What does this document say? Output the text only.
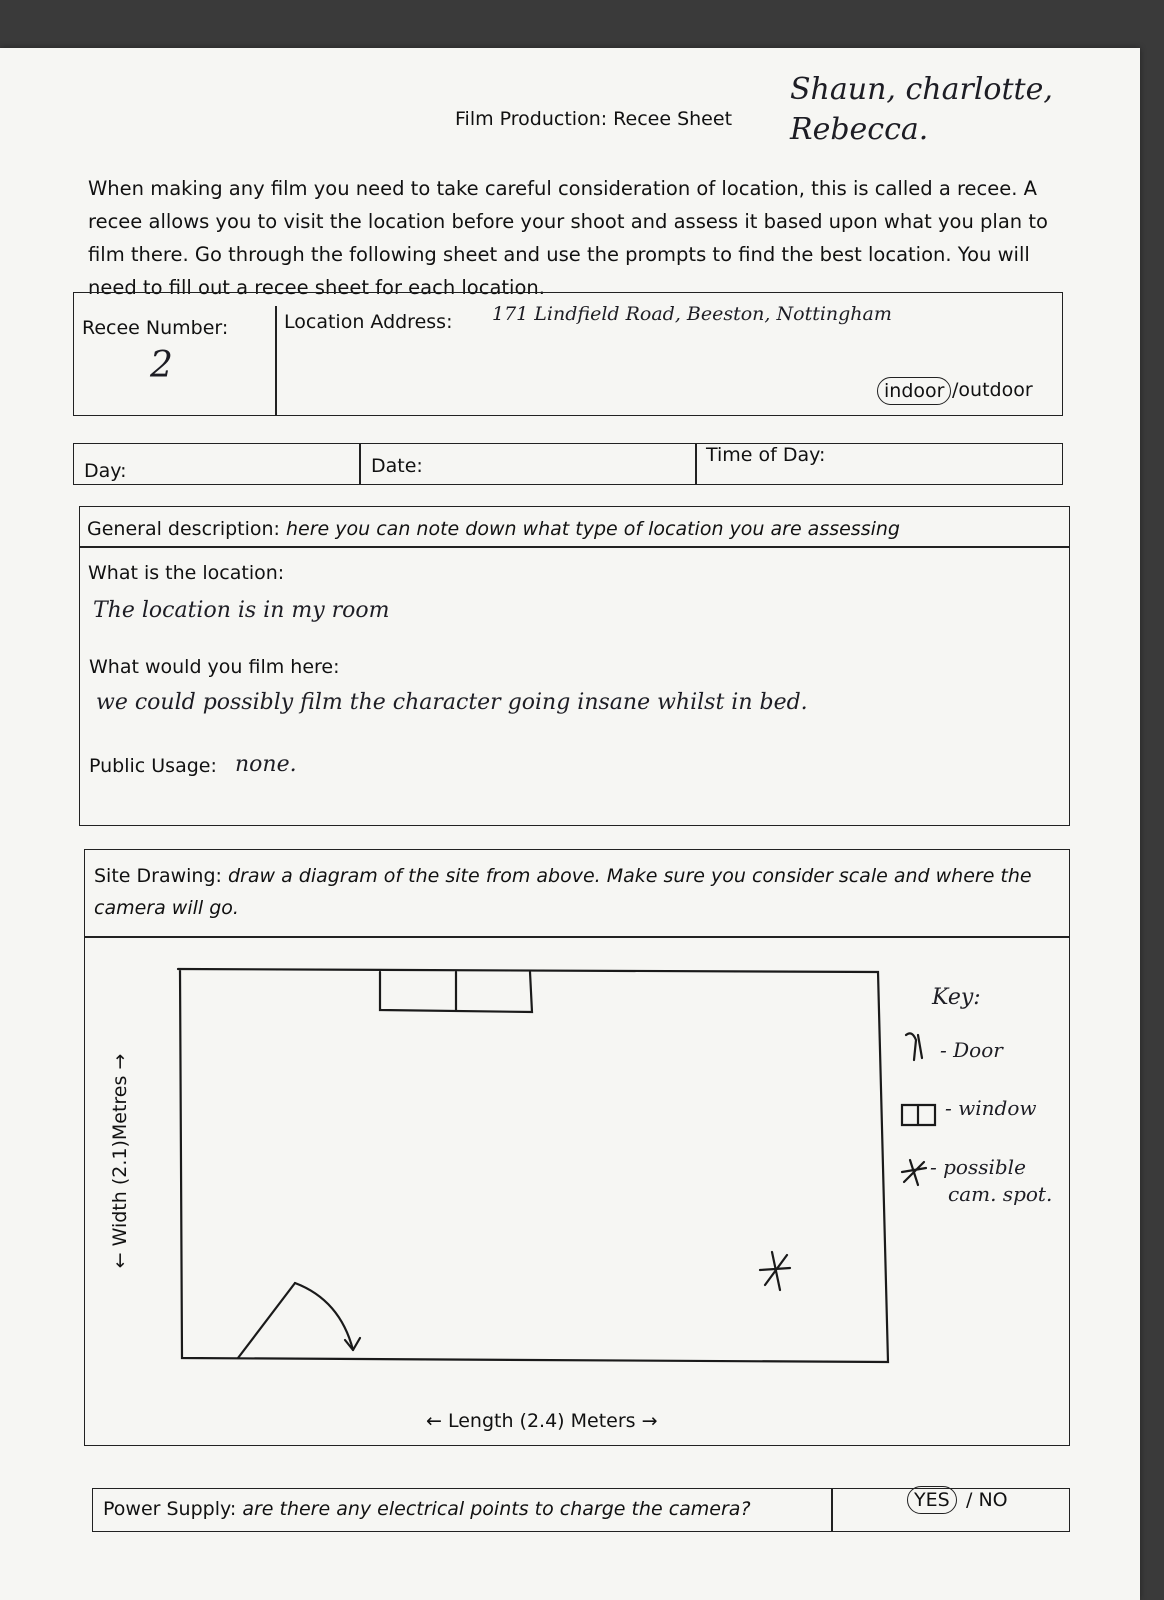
Shaun, charlotte, Rebecca.
Film Production: Recee Sheet
When making any film you need to take careful consideration of location, this is called a recee. A recee allows you to visit the location before your shoot and assess it based upon what you plan to film there. Go through the following sheet and use the prompts to find the best location. You will need to fill out a recee sheet for each location.
Recee Number:
2
Location Address: 171 Lindfield Road, Beeston, Nottingham
indoor /outdoor
Day:	Date:	Time of Day:
General description: here you can note down what type of location you are assessing
What is the location:
The location is in my room
What would you film here:
we could possibly film the character going insane whilst in bed.
Public Usage: none.
Site Drawing: draw a diagram of the site from above. Make sure you consider scale and where the camera will go.
← Width (2.1)Metres →
Key:
- Door
- window
- possible
cam. spot.
← Length (2.4) Meters →
Power Supply: are there any electrical points to charge the camera?	YES / NO
